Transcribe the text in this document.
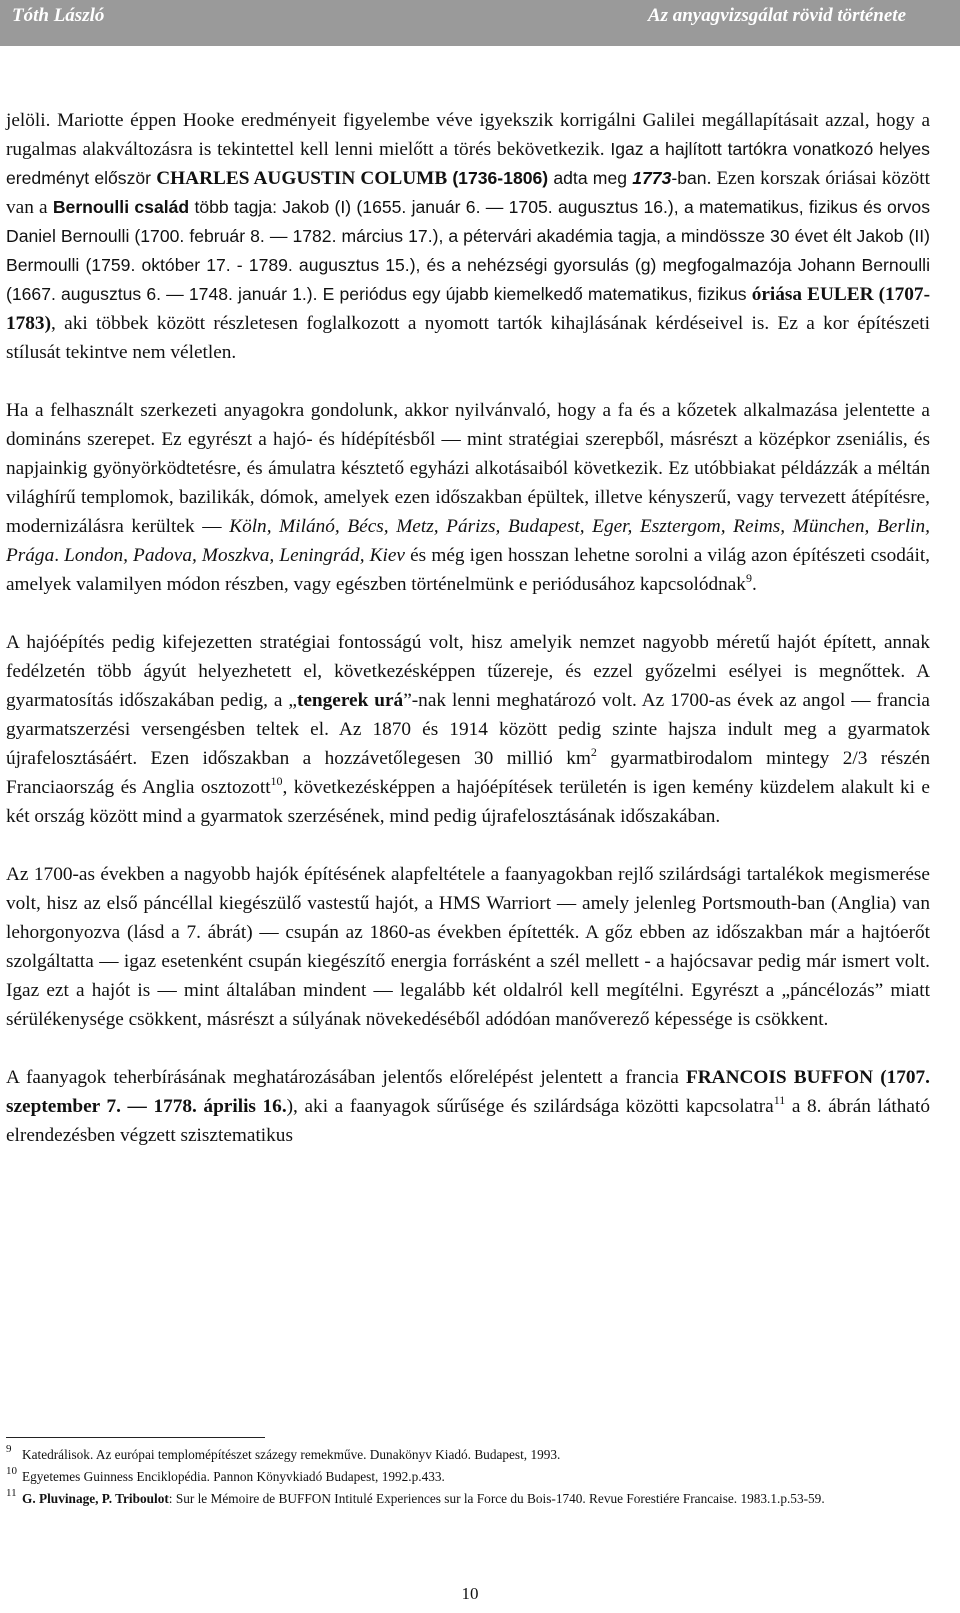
Tóth László	Az anyagvizsgálat rövid története

jelöli. Mariotte éppen Hooke eredményeit figyelembe véve igyekszik korrigálni Galilei megállapításait azzal, hogy a rugalmas alakváltozásra is tekintettel kell lenni mielőtt a törés bekövetkezik. Igaz a hajlított tartókra vonatkozó helyes eredményt először CHARLES AUGUSTIN COLUMB (1736-1806) adta meg 1773-ban. Ezen korszak óriásai között van a Bernoulli család több tagja: Jakob (I) (1655. január 6. ― 1705. augusztus 16.), a matematikus, fizikus és orvos Daniel Bernoulli (1700. február 8. ― 1782. március 17.), a pétervári akadémia tagja, a mindössze 30 évet élt Jakob (II) Bermoulli (1759. október 17. - 1789. augusztus 15.), és a nehézségi gyorsulás (g) megfogalmazója Johann Bernoulli (1667. augusztus 6. ― 1748. január 1.). E periódus egy újabb kiemelkedő matematikus, fizikus óriása EULER (1707-1783), aki többek között részletesen foglalkozott a nyomott tartók kihajlásának kérdéseivel is. Ez a kor építészeti stílusát tekintve nem véletlen.

Ha a felhasznált szerkezeti anyagokra gondolunk, akkor nyilvánvaló, hogy a fa és a kőzetek alkalmazása jelentette a domináns szerepet. Ez egyrészt a hajó- és hídépítésből ― mint stratégiai szerepből, másrészt a középkor zseniális, és napjainkig gyönyörködtetésre, és ámulatra késztető egyházi alkotásaiból következik. Ez utóbbiakat példázzák a méltán világhírű templomok, bazilikák, dómok, amelyek ezen időszakban épültek, illetve kényszerű, vagy tervezett átépítésre, modernizálásra kerültek ― Köln, Milánó, Bécs, Metz, Párizs, Budapest, Eger, Esztergom, Reims, München, Berlin, Prága. London, Padova, Moszkva, Leningrád, Kiev és még igen hosszan lehetne sorolni a világ azon építészeti csodáit, amelyek valamilyen módon részben, vagy egészben történelmünk e periódusához kapcsolódnak$^9$.

A hajóépítés pedig kifejezetten stratégiai fontosságú volt, hisz amelyik nemzet nagyobb méretű hajót épített, annak fedélzetén több ágyút helyezhetett el, következésképpen tűzereje, és ezzel győzelmi esélyei is megnőttek. A gyarmatosítás időszakában pedig, a „tengerek urá”-nak lenni meghatározó volt. Az 1700-as évek az angol ― francia gyarmatszerzési versengésben teltek el. Az 1870 és 1914 között pedig szinte hajsza indult meg a gyarmatok újrafelosztásáért. Ezen időszakban a hozzávetőlegesen 30 millió $km^2$ gyarmatbirodalom mintegy 2/3 részén Franciaország és Anglia osztozott$^{10}$, következésképpen a hajóépítések területén is igen kemény küzdelem alakult ki e két ország között mind a gyarmatok szerzésének, mind pedig újrafelosztásának időszakában.

Az 1700-as években a nagyobb hajók építésének alapfeltétele a faanyagokban rejlő szilárdsági tartalékok megismerése volt, hisz az első páncéllal kiegészülő vastestű hajót, a HMS Warriort ― amely jelenleg Portsmouth-ban (Anglia) van lehorgonyozva (lásd a 7. ábrát) ― csupán az 1860-as években építették. A gőz ebben az időszakban már a hajtóerőt szolgáltatta ― igaz esetenként csupán kiegészítő energia forrásként a szél mellett - a hajócsavar pedig már ismert volt. Igaz ezt a hajót is ― mint általában mindent ― legalább két oldalról kell megítélni. Egyrészt a „páncélozás” miatt sérülékenysége csökkent, másrészt a súlyának növekedéséből adódóan manőverező képessége is csökkent.

A faanyagok teherbírásának meghatározásában jelentős előrelépést jelentett a francia FRANCOIS BUFFON (1707. szeptember 7. ― 1778. április 16.), aki a faanyagok sűrűsége és szilárdsága közötti kapcsolatra$^{11}$ a 8. ábrán látható elrendezésben végzett szisztematikus

9 Katedrálisok. Az európai templomépítészet százegy remekműve. Dunakönyv Kiadó. Budapest, 1993.

10 Egyetemes Guinness Enciklopédia. Pannon Könyvkiadó Budapest, 1992.p.433.

11 G. Pluvinage, P. Triboulot: Sur le Mémoire de BUFFON Intitulé Experiences sur la Force du Bois-1740. Revue Forestiére Francaise. 1983.1.p.53-59.

10
